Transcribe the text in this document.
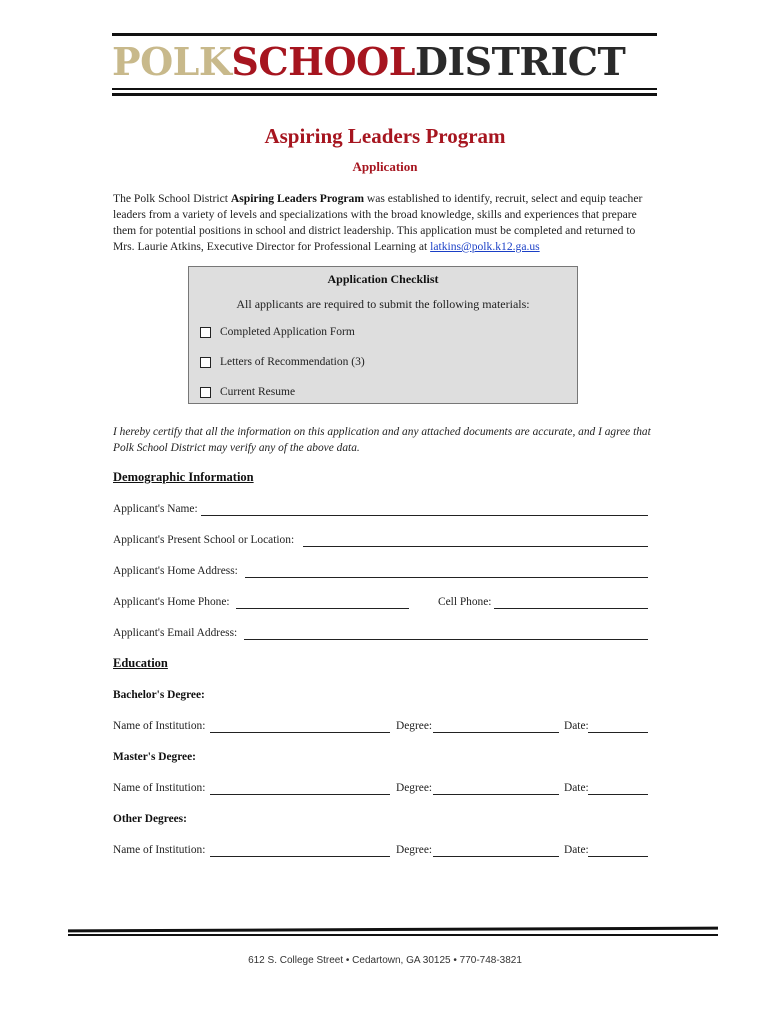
POLKSCHOOLDISTRICT
Aspiring Leaders Program
Application
The Polk School District Aspiring Leaders Program was established to identify, recruit, select and equip teacher leaders from a variety of levels and specializations with the broad knowledge, skills and experiences that prepare them for potential positions in school and district leadership. This application must be completed and returned to Mrs. Laurie Atkins, Executive Director for Professional Learning at latkins@polk.k12.ga.us
Application Checklist
All applicants are required to submit the following materials:
Completed Application Form
Letters of Recommendation (3)
Current Resume
I hereby certify that all the information on this application and any attached documents are accurate, and I agree that Polk School District may verify any of the above data.
Demographic Information
Applicant's Name:
Applicant's Present School or Location:
Applicant's Home Address:
Applicant's Home Phone:	Cell Phone:
Applicant's Email Address:
Education
Bachelor's Degree:
Name of Institution:	Degree:	Date:
Master's Degree:
Name of Institution:	Degree:	Date:
Other Degrees:
Name of Institution:	Degree:	Date:
612 S. College Street • Cedartown, GA 30125 • 770-748-3821
